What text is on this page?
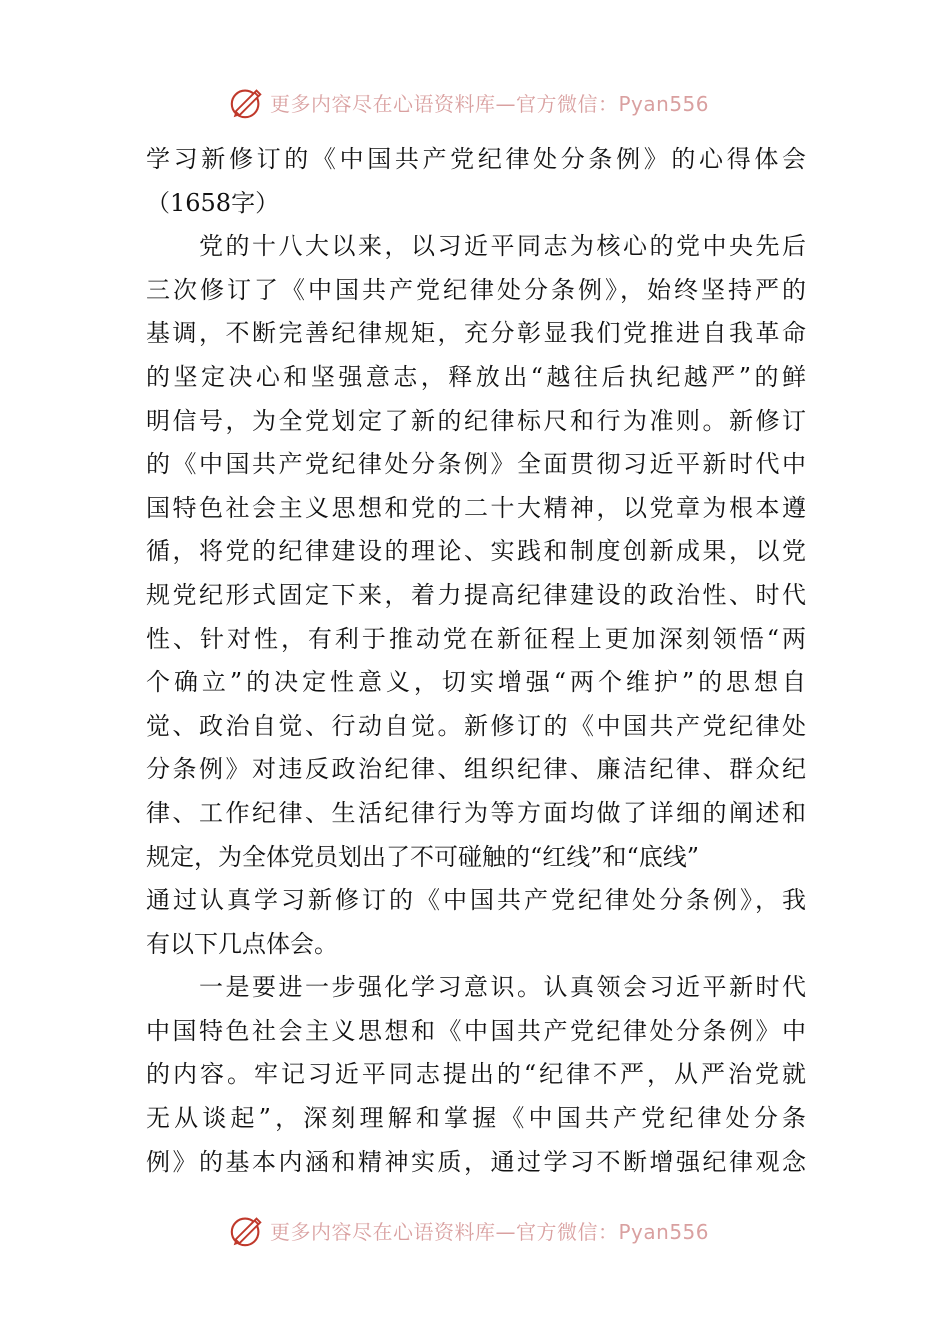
更多内容尽在心语资料库—官方微信：Pyan556
学习新修订的《中国共产党纪律处分条例》的心得体会
（1658字）
　　党的十八大以来，以习近平同志为核心的党中央先后
三次修订了《中国共产党纪律处分条例》，始终坚持严的
基调，不断完善纪律规矩，充分彰显我们党推进自我革命
的坚定决心和坚强意志，释放出“越往后执纪越严”的鲜
明信号，为全党划定了新的纪律标尺和行为准则。新修订
的《中国共产党纪律处分条例》全面贯彻习近平新时代中
国特色社会主义思想和党的二十大精神，以党章为根本遵
循，将党的纪律建设的理论、实践和制度创新成果，以党
规党纪形式固定下来，着力提高纪律建设的政治性、时代
性、针对性，有利于推动党在新征程上更加深刻领悟“两
个确立”的决定性意义，切实增强“两个维护”的思想自
觉、政治自觉、行动自觉。新修订的《中国共产党纪律处
分条例》对违反政治纪律、组织纪律、廉洁纪律、群众纪
律、工作纪律、生活纪律行为等方面均做了详细的阐述和
规定，为全体党员划出了不可碰触的“红线”和“底线”
通过认真学习新修订的《中国共产党纪律处分条例》，我
有以下几点体会。
　　一是要进一步强化学习意识。认真领会习近平新时代
中国特色社会主义思想和《中国共产党纪律处分条例》中
的内容。牢记习近平同志提出的“纪律不严，从严治党就
无从谈起”，深刻理解和掌握《中国共产党纪律处分条
例》的基本内涵和精神实质，通过学习不断增强纪律观念
更多内容尽在心语资料库—官方微信：Pyan556
